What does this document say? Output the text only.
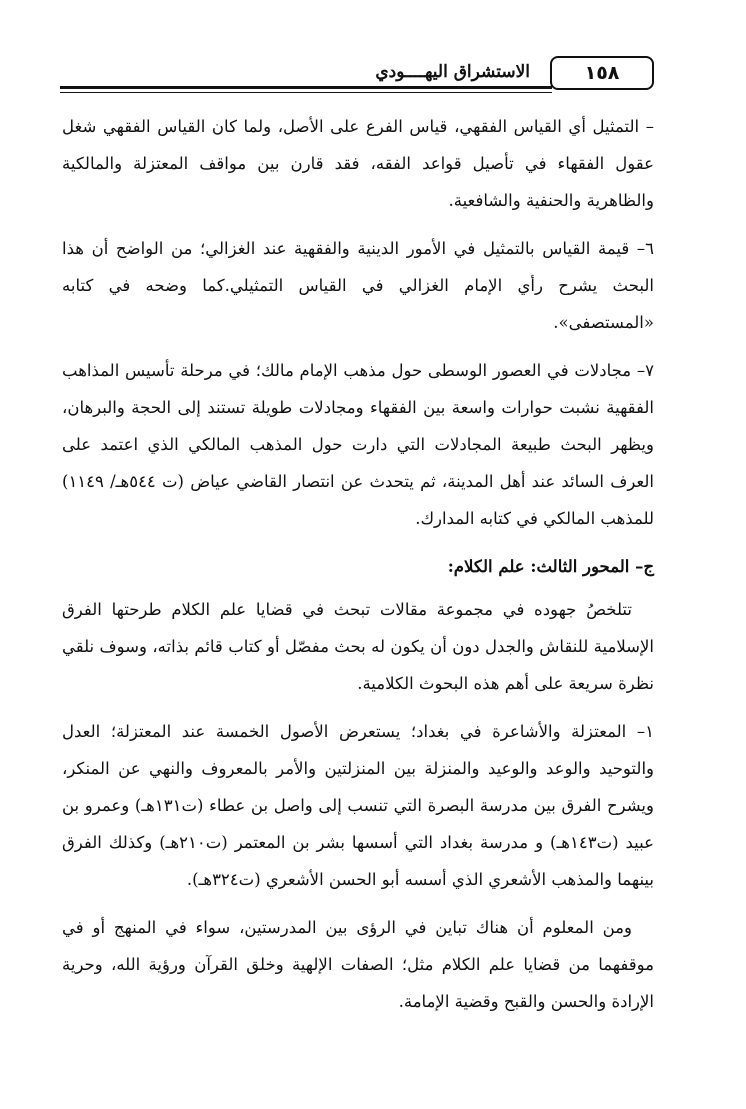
١٥٨
الاستشراق اليهــــودي

– التمثيل أي القياس الفقهي، قياس الفرع على الأصل، ولما كان القياس الفقهي شغل عقول الفقهاء في تأصيل قواعد الفقه، فقد قارن بين مواقف المعتزلة والمالكية والظاهرية والحنفية والشافعية.

٦– قيمة القياس بالتمثيل في الأمور الدينية والفقهية عند الغزالي؛ من الواضح أن هذا البحث يشرح رأي الإمام الغزالي في القياس التمثيلي.كما وضحه في كتابه «المستصفى».

٧– مجادلات في العصور الوسطى حول مذهب الإمام مالك؛ في مرحلة تأسيس المذاهب الفقهية نشبت حوارات واسعة بين الفقهاء ومجادلات طويلة تستند إلى الحجة والبرهان، ويظهر البحث طبيعة المجادلات التي دارت حول المذهب المالكي الذي اعتمد على العرف السائد عند أهل المدينة، ثم يتحدث عن انتصار القاضي عياض (ت ٥٤٤هـ/ ١١٤٩) للمذهب المالكي في كتابه المدارك.

ج– المحور الثالث: علم الكلام:

تتلخصُ جهوده في مجموعة مقالات تبحث في قضايا علم الكلام طرحتها الفرق الإسلامية للنقاش والجدل دون أن يكون له بحث مفصّل أو كتاب قائم بذاته، وسوف نلقي نظرة سريعة على أهم هذه البحوث الكلامية.

١– المعتزلة والأشاعرة في بغداد؛ يستعرض الأصول الخمسة عند المعتزلة؛ العدل والتوحيد والوعد والوعيد والمنزلة بين المنزلتين والأمر بالمعروف والنهي عن المنكر، ويشرح الفرق بين مدرسة البصرة التي تنسب إلى واصل بن عطاء (ت١٣١هـ) وعمرو بن عبيد (ت١٤٣هـ) و مدرسة بغداد التي أسسها بشر بن المعتمر (ت٢١٠هـ) وكذلك الفرق بينهما والمذهب الأشعري الذي أسسه أبو الحسن الأشعري (ت٣٢٤هـ).

ومن المعلوم أن هناك تباين في الرؤى بين المدرستين، سواء في المنهج أو في موقفهما من قضايا علم الكلام مثل؛ الصفات الإلهية وخلق القرآن ورؤية الله، وحرية الإرادة والحسن والقبح وقضية الإمامة.
